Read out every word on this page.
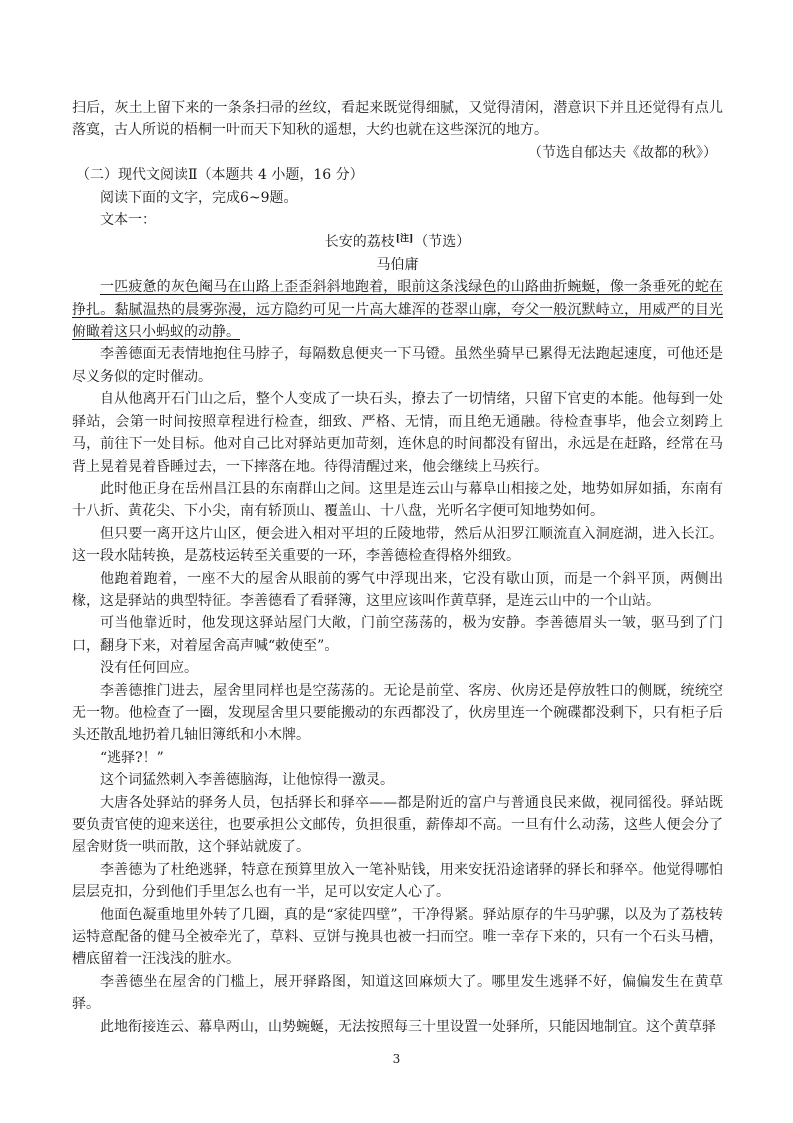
扫后，灰土上留下来的一条条扫帚的丝纹，看起来既觉得细腻，又觉得清闲，潜意识下并且还觉得有点儿落寞，古人所说的梧桐一叶而天下知秋的遥想，大约也就在这些深沉的地方。

（节选自郁达夫《故都的秋》）

（二）现代文阅读Ⅱ（本题共 4 小题，16 分）

阅读下面的文字，完成6~9题。

文本一：

长安的荔枝[注]（节选）

马伯庸

一匹疲惫的灰色阉马在山路上歪歪斜斜地跑着，眼前这条浅绿色的山路曲折蜿蜒，像一条垂死的蛇在挣扎。黏腻温热的晨雾弥漫，远方隐约可见一片高大雄浑的苍翠山廓，夸父一般沉默峙立，用威严的目光俯瞰着这只小蚂蚁的动静。

李善德面无表情地抱住马脖子，每隔数息便夹一下马镫。虽然坐骑早已累得无法跑起速度，可他还是尽义务似的定时催动。

自从他离开石门山之后，整个人变成了一块石头，撩去了一切情绪，只留下官吏的本能。他每到一处驿站，会第一时间按照章程进行检查，细致、严格、无情，而且绝无通融。待检查事毕，他会立刻跨上马，前往下一处目标。他对自己比对驿站更加苛刻，连休息的时间都没有留出，永远是在赶路，经常在马背上晃着晃着昏睡过去，一下摔落在地。待得清醒过来，他会继续上马疾行。

此时他正身在岳州昌江县的东南群山之间。这里是连云山与幕阜山相接之处，地势如屏如插，东南有十八折、黄花尖、下小尖，南有轿顶山、覆盖山、十八盘，光听名字便可知地势如何。

但只要一离开这片山区，便会进入相对平坦的丘陵地带，然后从汨罗江顺流直入洞庭湖，进入长江。这一段水陆转换，是荔枝运转至关重要的一环，李善德检查得格外细致。

他跑着跑着，一座不大的屋舍从眼前的雾气中浮现出来，它没有歇山顶，而是一个斜平顶，两侧出椽，这是驿站的典型特征。李善德看了看驿簿，这里应该叫作黄草驿，是连云山中的一个山站。

可当他靠近时，他发现这驿站屋门大敞，门前空荡荡的，极为安静。李善德眉头一皱，驱马到了门口，翻身下来，对着屋舍高声喊“敕使至”。

没有任何回应。

李善德推门进去，屋舍里同样也是空荡荡的。无论是前堂、客房、伙房还是停放牲口的侧厩，统统空无一物。他检查了一圈，发现屋舍里只要能搬动的东西都没了，伙房里连一个碗碟都没剩下，只有柜子后头还散乱地扔着几轴旧簿纸和小木牌。

“逃驿?！”

这个词猛然刺入李善德脑海，让他惊得一激灵。

大唐各处驿站的驿务人员，包括驿长和驿卒——都是附近的富户与普通良民来做，视同徭役。驿站既要负责官使的迎来送往，也要承担公文邮传，负担很重，薪俸却不高。一旦有什么动荡，这些人便会分了屋舍财货一哄而散，这个驿站就废了。

李善德为了杜绝逃驿，特意在预算里放入一笔补贴钱，用来安抚沿途诸驿的驿长和驿卒。他觉得哪怕层层克扣，分到他们手里怎么也有一半，足可以安定人心了。

他面色凝重地里外转了几圈，真的是“家徒四壁”，干净得紧。驿站原存的牛马驴骡，以及为了荔枝转运特意配备的健马全被牵光了，草料、豆饼与挽具也被一扫而空。唯一幸存下来的，只有一个石头马槽，槽底留着一汪浅浅的脏水。

李善德坐在屋舍的门槛上，展开驿路图，知道这回麻烦大了。哪里发生逃驿不好，偏偏发生在黄草驿。

此地衔接连云、幕阜两山，山势蜿蜒，无法按照每三十里设置一处驿所，只能因地制宜。这个黄草驿

3
